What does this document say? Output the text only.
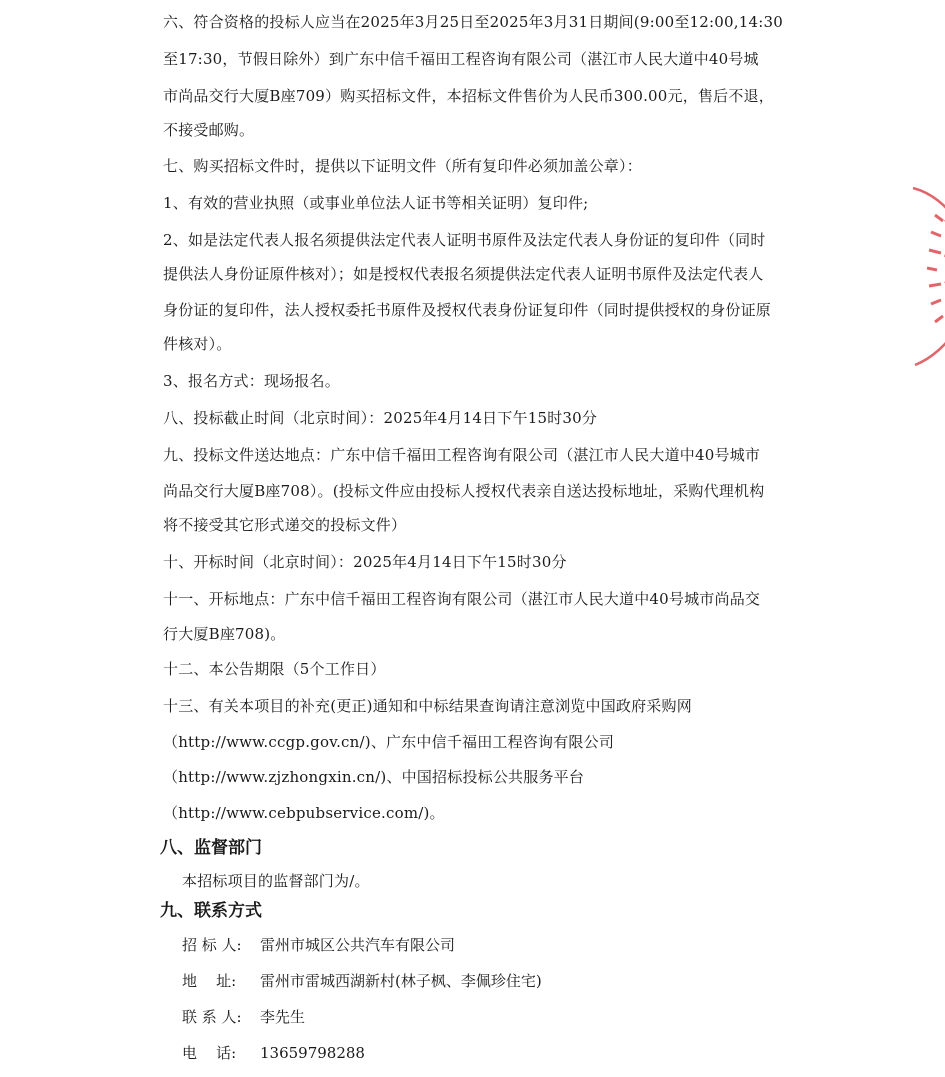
六、符合资格的投标人应当在2025年3月25日至2025年3月31日期间(9:00至12:00,14:30
至17:30，节假日除外）到广东中信千福田工程咨询有限公司（湛江市人民大道中40号城
市尚品交行大厦B座709）购买招标文件，本招标文件售价为人民币300.00元，售后不退，
不接受邮购。
七、购买招标文件时，提供以下证明文件（所有复印件必须加盖公章）：
1、有效的营业执照（或事业单位法人证书等相关证明）复印件;
2、如是法定代表人报名须提供法定代表人证明书原件及法定代表人身份证的复印件（同时
提供法人身份证原件核对）；如是授权代表报名须提供法定代表人证明书原件及法定代表人
身份证的复印件，法人授权委托书原件及授权代表身份证复印件（同时提供授权的身份证原
件核对）。
3、报名方式：现场报名。
八、投标截止时间（北京时间）：2025年4月14日下午15时30分
九、投标文件送达地点：广东中信千福田工程咨询有限公司（湛江市人民大道中40号城市
尚品交行大厦B座708）。(投标文件应由投标人授权代表亲自送达投标地址，采购代理机构
将不接受其它形式递交的投标文件）
十、开标时间（北京时间）：2025年4月14日下午15时30分
十一、开标地点：广东中信千福田工程咨询有限公司（湛江市人民大道中40号城市尚品交
行大厦B座708)。
十二、本公告期限（5个工作日）
十三、有关本项目的补充(更正)通知和中标结果查询请注意浏览中国政府采购网
（http://www.ccgp.gov.cn/)、广东中信千福田工程咨询有限公司
（http://www.zjzhongxin.cn/)、中国招标投标公共服务平台
（http://www.cebpubservice.com/)。
八、监督部门
本招标项目的监督部门为/。
九、联系方式
招 标 人: 雷州市城区公共汽车有限公司
地    址: 雷州市雷城西湖新村(林子枫、李佩珍住宅)
联 系 人: 李先生
电    话: 13659798288
